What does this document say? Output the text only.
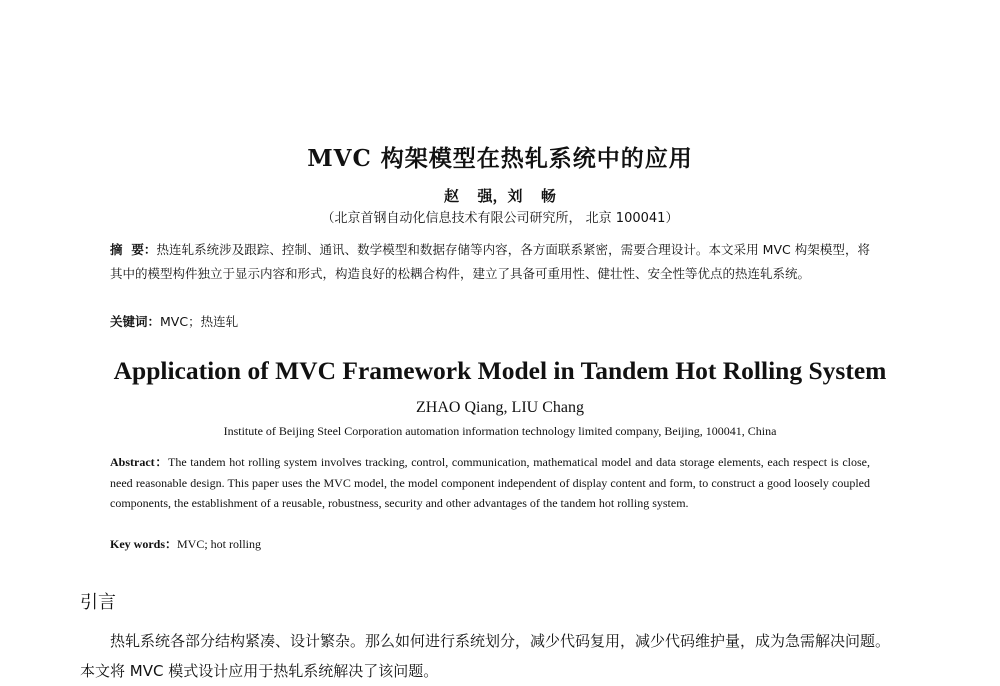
MVC 构架模型在热轧系统中的应用
赵  强，刘  畅
（北京首钢自动化信息技术有限公司研究所， 北京 100041）

摘  要：热连轧系统涉及跟踪、控制、通讯、数学模型和数据存储等内容，各方面联系紧密，需要合理设计。本文采用 MVC 构架模型，将其中的模型构件独立于显示内容和形式，构造良好的松耦合构件，建立了具备可重用性、健壮性、安全性等优点的热连轧系统。

关键词：MVC；热连轧
Application of MVC Framework Model in Tandem Hot Rolling System
ZHAO Qiang, LIU Chang
Institute of Beijing Steel Corporation automation information technology limited company, Beijing, 100041, China

Abstract：The tandem hot rolling system involves tracking, control, communication, mathematical model and data storage elements, each respect is close, need reasonable design. This paper uses the MVC model, the model component independent of display content and form, to construct a good loosely coupled components, the establishment of a reusable, robustness, security and other advantages of the tandem hot rolling system.

Key words：MVC; hot rolling
引言

热轧系统各部分结构紧凑、设计繁杂。那么如何进行系统划分，减少代码复用，减少代码维护量，成为急需解决问题。本文将 MVC 模式设计应用于热轧系统解决了该问题。
